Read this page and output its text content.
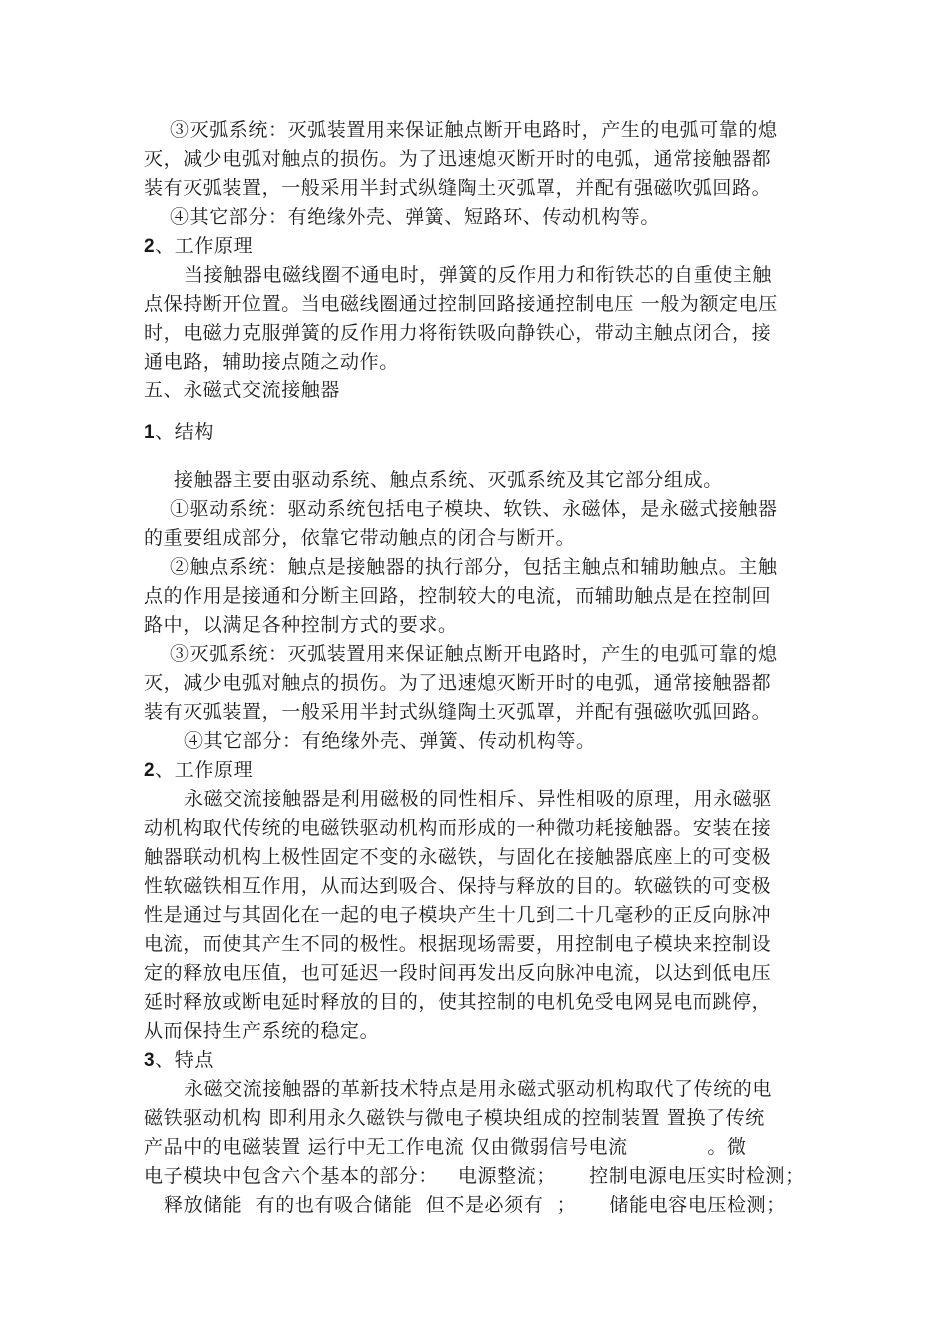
③灭弧系统：灭弧装置用来保证触点断开电路时，产生的电弧可靠的熄
灭，减少电弧对触点的损伤。为了迅速熄灭断开时的电弧，通常接触器都
装有灭弧装置，一般采用半封式纵缝陶土灭弧罩，并配有强磁吹弧回路。
④其它部分：有绝缘外壳、弹簧、短路环、传动机构等。
2、工作原理
当接触器电磁线圈不通电时，弹簧的反作用力和衔铁芯的自重使主触
点保持断开位置。当电磁线圈通过控制回路接通控制电压 一般为额定电压
时，电磁力克服弹簧的反作用力将衔铁吸向静铁心，带动主触点闭合，接
通电路，辅助接点随之动作。
五、永磁式交流接触器
1、结构
接触器主要由驱动系统、触点系统、灭弧系统及其它部分组成。
①驱动系统：驱动系统包括电子模块、软铁、永磁体，是永磁式接触器
的重要组成部分，依靠它带动触点的闭合与断开。
②触点系统：触点是接触器的执行部分，包括主触点和辅助触点。主触
点的作用是接通和分断主回路，控制较大的电流，而辅助触点是在控制回
路中，以满足各种控制方式的要求。
③灭弧系统：灭弧装置用来保证触点断开电路时，产生的电弧可靠的熄
灭，减少电弧对触点的损伤。为了迅速熄灭断开时的电弧，通常接触器都
装有灭弧装置，一般采用半封式纵缝陶土灭弧罩，并配有强磁吹弧回路。
④其它部分：有绝缘外壳、弹簧、传动机构等。
2、工作原理
永磁交流接触器是利用磁极的同性相斥、异性相吸的原理，用永磁驱
动机构取代传统的电磁铁驱动机构而形成的一种微功耗接触器。安装在接
触器联动机构上极性固定不变的永磁铁，与固化在接触器底座上的可变极
性软磁铁相互作用，从而达到吸合、保持与释放的目的。软磁铁的可变极
性是通过与其固化在一起的电子模块产生十几到二十几毫秒的正反向脉冲
电流，而使其产生不同的极性。根据现场需要，用控制电子模块来控制设
定的释放电压值，也可延迟一段时间再发出反向脉冲电流，以达到低电压
延时释放或断电延时释放的目的，使其控制的电机免受电网晃电而跳停，
从而保持生产系统的稳定。
3、特点
永磁交流接触器的革新技术特点是用永磁式驱动机构取代了传统的电
磁铁驱动机构 即利用永久磁铁与微电子模块组成的控制装置 置换了传统
产品中的电磁装置 运行中无工作电流 仅由微弱信号电流            。微
电子模块中包含六个基本的部分：   电源整流；     控制电源电压实时检测；
释放储能  有的也有吸合储能  但不是必须有  ；     储能电容电压检测；
